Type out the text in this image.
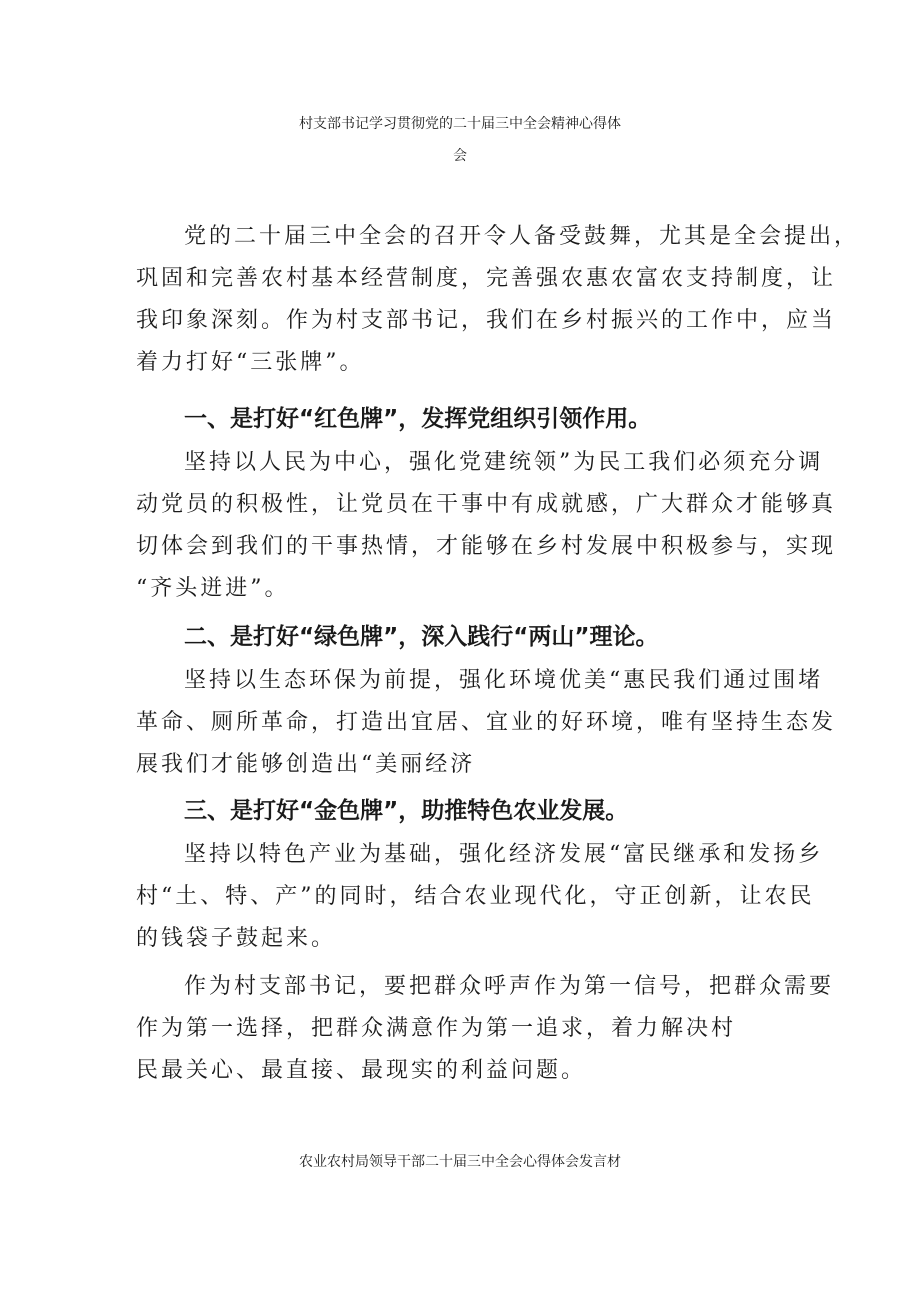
村支部书记学习贯彻党的二十届三中全会精神心得体
会

党的二十届三中全会的召开令人备受鼓舞，尤其是全会提出，
巩固和完善农村基本经营制度，完善强农惠农富农支持制度，让
我印象深刻。作为村支部书记，我们在乡村振兴的工作中，应当
着力打好“三张牌”。

一、是打好“红色牌”，发挥党组织引领作用。

坚持以人民为中心，强化党建统领”为民工我们必须充分调
动党员的积极性，让党员在干事中有成就感，广大群众才能够真
切体会到我们的干事热情，才能够在乡村发展中积极参与，实现
“齐头迸进”。

二、是打好“绿色牌”，深入践行“两山”理论。

坚持以生态环保为前提，强化环境优美“惠民我们通过围堵
革命、厕所革命，打造出宜居、宜业的好环境，唯有坚持生态发
展我们才能够创造出“美丽经济

三、是打好“金色牌”，助推特色农业发展。

坚持以特色产业为基础，强化经济发展“富民继承和发扬乡
村“土、特、产”的同时，结合农业现代化，守正创新，让农民
的钱袋子鼓起来。

作为村支部书记，要把群众呼声作为第一信号，把群众需要
作为第一选择，把群众满意作为第一追求，着力解决村
民最关心、最直接、最现实的利益问题。

农业农村局领导干部二十届三中全会心得体会发言材
